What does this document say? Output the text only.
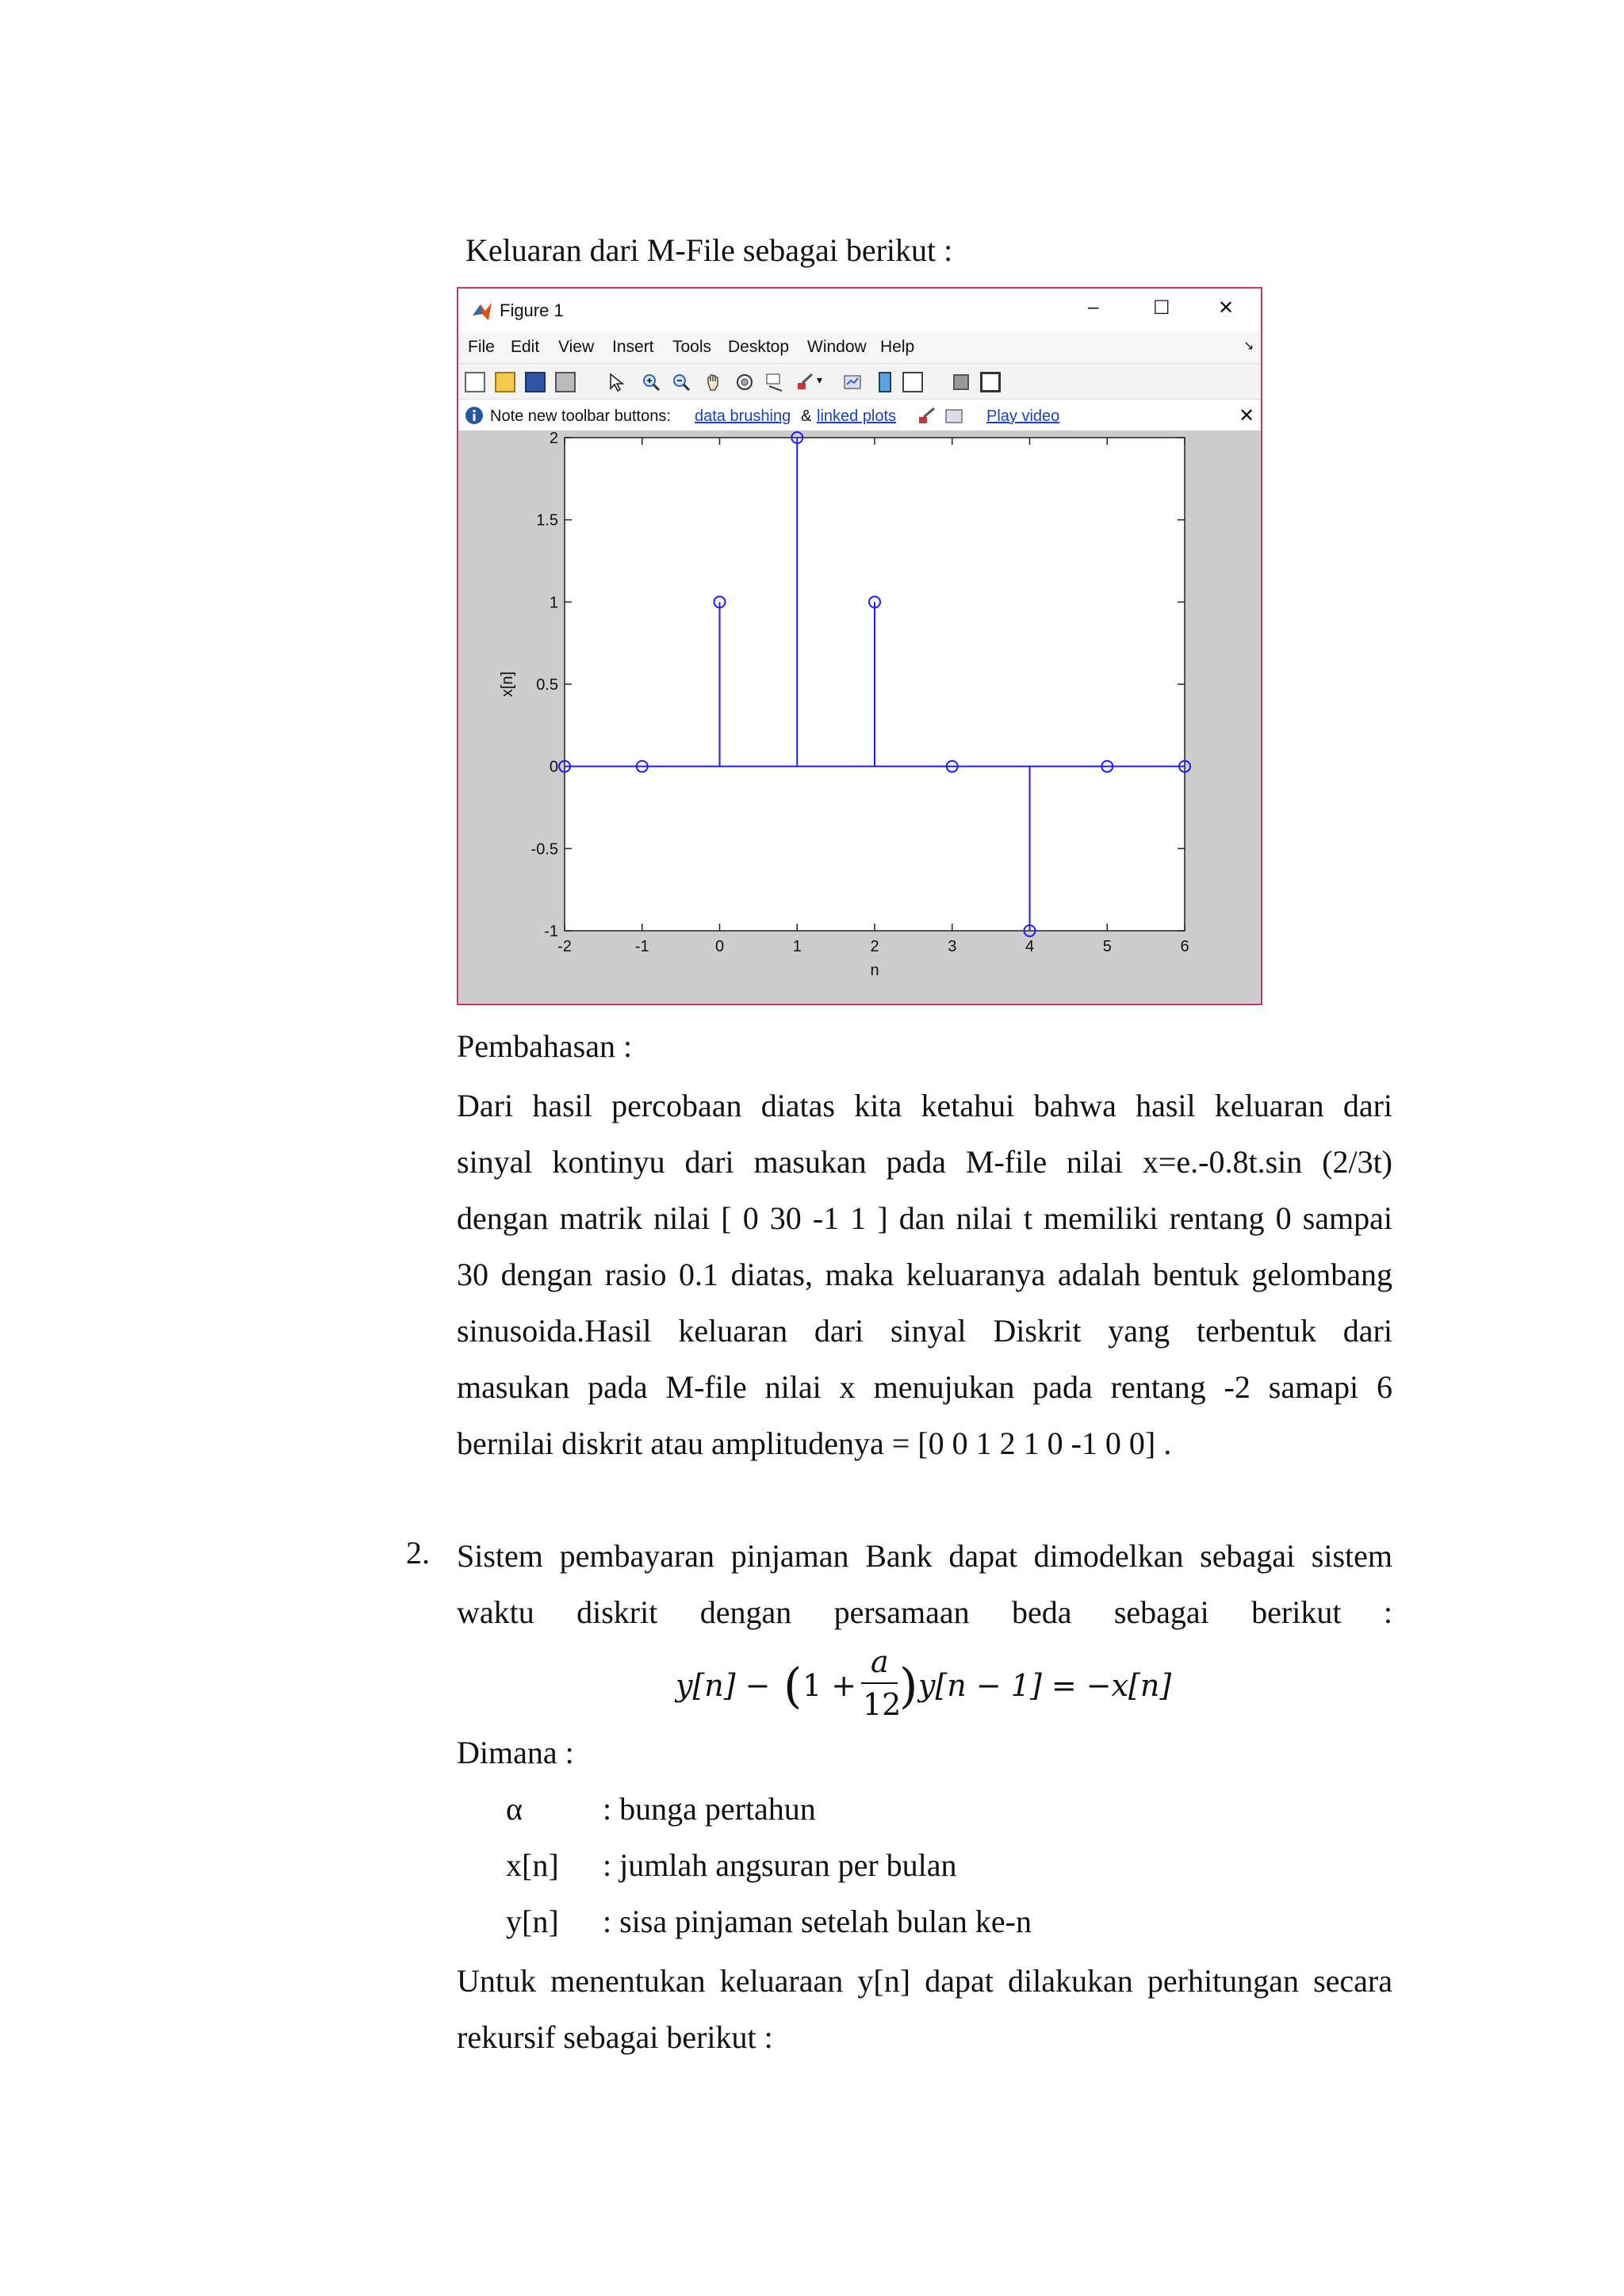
Keluaran dari M-File sebagai berikut :
Figure 1	–	☐	✕
File Edit View Insert Tools Desktop Window Help	↘
▾
Note new toolbar buttons: data brushing & linked plots	Play video	✕
-1
-0.5
0
0.5
1
1.5
2
-2	-1	0	1	2	3	4	5	6
n
x[n]
Pembahasan :
Dari hasil percobaan diatas kita ketahui bahwa hasil keluaran dari
sinyal kontinyu dari masukan pada M-file nilai x=e.-0.8t.sin (2/3t)
dengan matrik nilai [ 0 30 -1 1 ] dan nilai t memiliki rentang 0 sampai
30 dengan rasio 0.1 diatas, maka keluaranya adalah bentuk gelombang
sinusoida.Hasil keluaran dari sinyal Diskrit yang terbentuk dari
masukan pada M-file nilai x menujukan pada rentang -2 samapi 6
bernilai diskrit atau amplitudenya = [0 0 1 2 1 0 -1 0 0] .
2. Sistem pembayaran pinjaman Bank dapat dimodelkan sebagai sistem
waktu diskrit dengan persamaan beda sebagai berikut :
y[n] − ( 1 +
a
12
) y[n − 1] = −x[n]
Dimana :
α	: bunga pertahun
x[n] : jumlah angsuran per bulan
y[n] : sisa pinjaman setelah bulan ke-n
Untuk menentukan keluaraan y[n] dapat dilakukan perhitungan secara
rekursif sebagai berikut :
